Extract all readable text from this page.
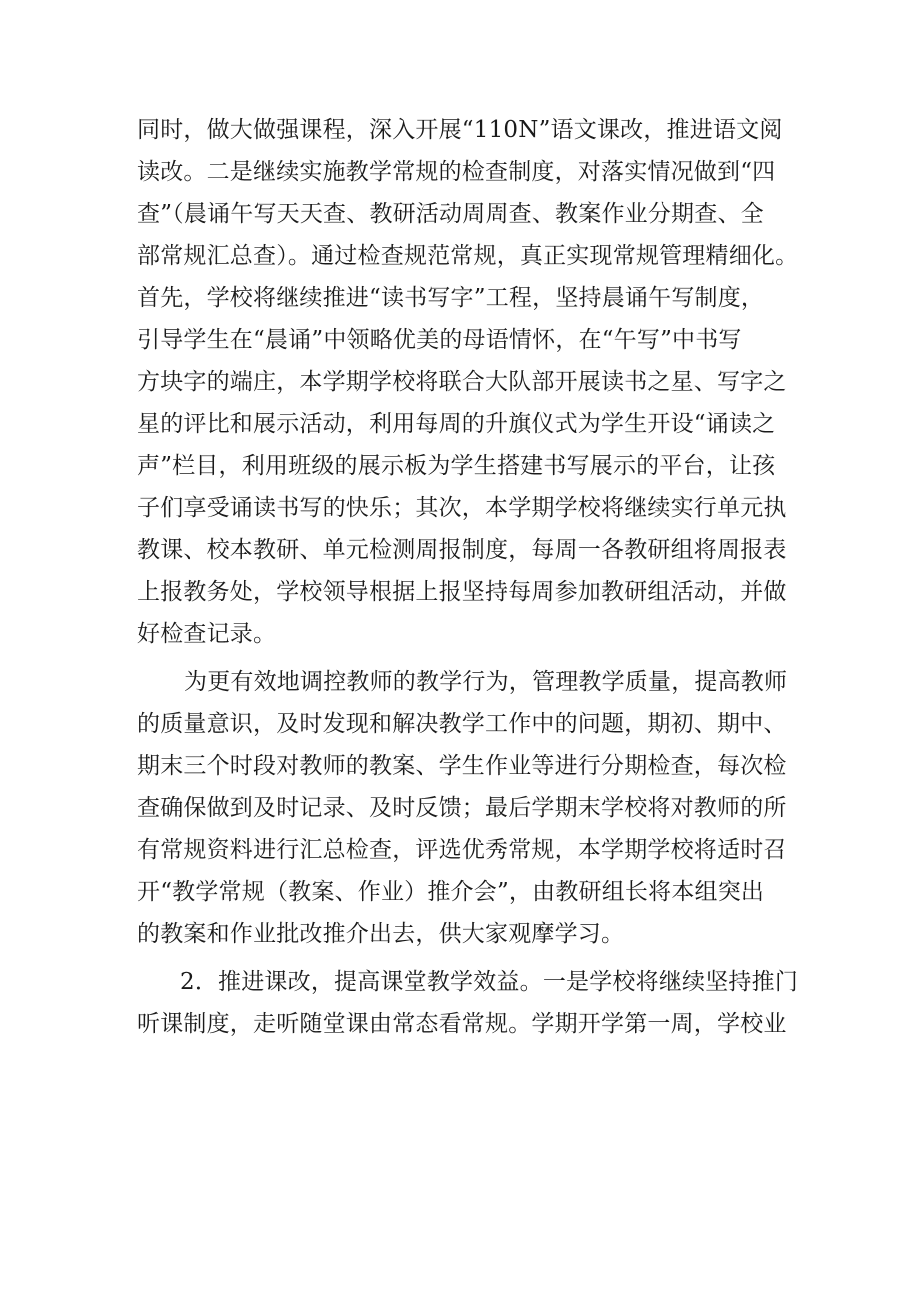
同时，做大做强课程，深入开展“110N”语文课改，推进语文阅
读改。二是继续实施教学常规的检查制度，对落实情况做到“四
查”（晨诵午写天天查、教研活动周周查、教案作业分期查、全
部常规汇总查）。通过检查规范常规，真正实现常规管理精细化。
首先，学校将继续推进“读书写字”工程，坚持晨诵午写制度，
引导学生在“晨诵”中领略优美的母语情怀，在“午写”中书写
方块字的端庄，本学期学校将联合大队部开展读书之星、写字之
星的评比和展示活动，利用每周的升旗仪式为学生开设“诵读之
声”栏目，利用班级的展示板为学生搭建书写展示的平台，让孩
子们享受诵读书写的快乐；其次，本学期学校将继续实行单元执
教课、校本教研、单元检测周报制度，每周一各教研组将周报表
上报教务处，学校领导根据上报坚持每周参加教研组活动，并做
好检查记录。
为更有效地调控教师的教学行为，管理教学质量，提高教师
的质量意识，及时发现和解决教学工作中的问题，期初、期中、
期末三个时段对教师的教案、学生作业等进行分期检查，每次检
查确保做到及时记录、及时反馈；最后学期末学校将对教师的所
有常规资料进行汇总检查，评选优秀常规，本学期学校将适时召
开“教学常规（教案、作业）推介会”，由教研组长将本组突出
的教案和作业批改推介出去，供大家观摩学习。
2．推进课改，提高课堂教学效益。一是学校将继续坚持推门
听课制度，走听随堂课由常态看常规。学期开学第一周，学校业
